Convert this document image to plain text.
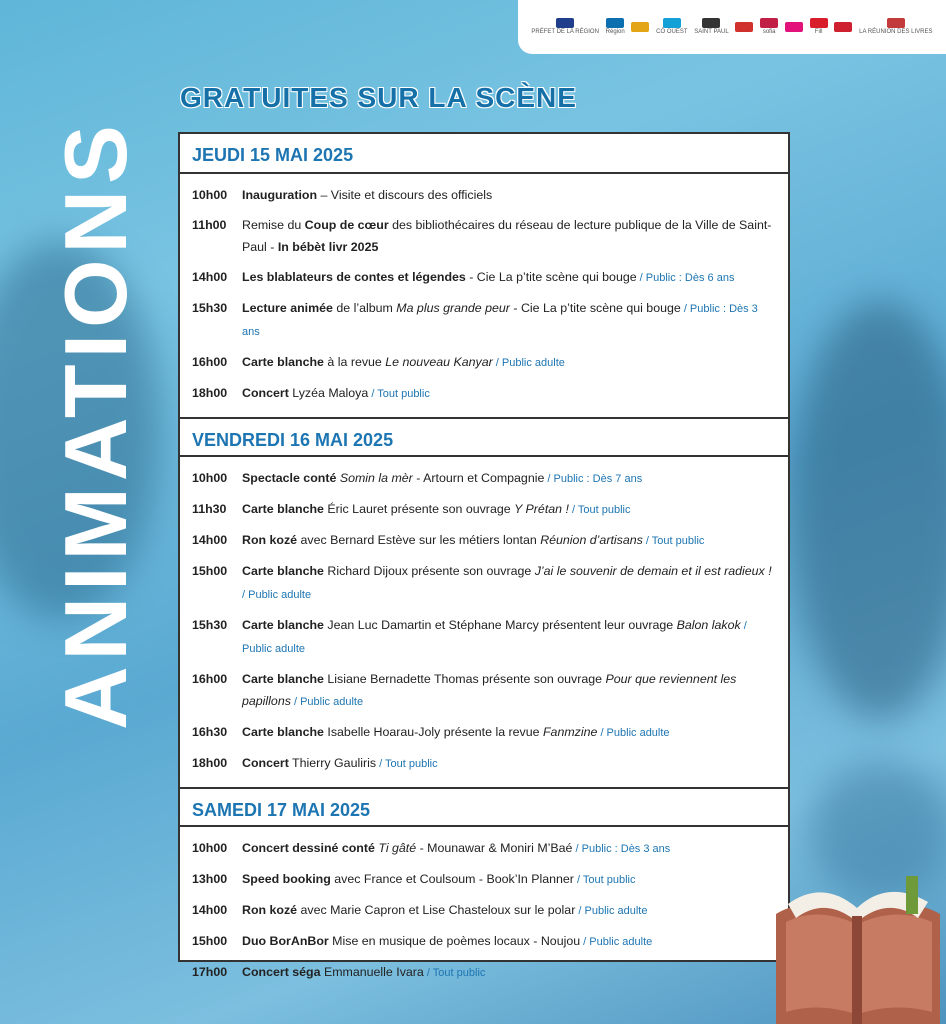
PRÉFET DE LA RÉGION Région	CÔ OUEST SAINT PAUL	sofia	Fill	LA RÉUNION DES LIVRES
ANIMATIONS
GRATUITES SUR LA SCÈNE
JEUDI 15 MAI 2025
10h00	Inauguration – Visite et discours des officiels
11h00	Remise du Coup de cœur des bibliothécaires du réseau de lecture publique de la Ville de Saint-Paul - In bébèt livr 2025
14h00	Les blablateurs de contes et légendes - Cie La p’tite scène qui bouge / Public : Dès 6 ans
15h30	Lecture animée de l’album Ma plus grande peur - Cie La p’tite scène qui bouge / Public : Dès 3 ans
16h00	Carte blanche à la revue Le nouveau Kanyar / Public adulte
18h00	Concert Lyzéa Maloya / Tout public
VENDREDI 16 MAI 2025
10h00	Spectacle conté Somin la mèr - Artourn et Compagnie / Public : Dès 7 ans
11h30	Carte blanche Éric Lauret présente son ouvrage Y Prétan ! / Tout public
14h00	Ron kozé avec Bernard Estève sur les métiers lontan Réunion d’artisans / Tout public
15h00	Carte blanche Richard Dijoux présente son ouvrage J’ai le souvenir de demain et il est radieux ! / Public adulte
15h30	Carte blanche Jean Luc Damartin et Stéphane Marcy présentent leur ouvrage Balon lakok / Public adulte
16h00	Carte blanche Lisiane Bernadette Thomas présente son ouvrage Pour que reviennent les papillons / Public adulte
16h30	Carte blanche Isabelle Hoarau-Joly présente la revue Fanmzine / Public adulte
18h00	Concert Thierry Gauliris / Tout public
SAMEDI 17 MAI 2025
10h00	Concert dessiné conté Ti gâté - Mounawar & Moniri M’Baé / Public : Dès 3 ans
13h00	Speed booking avec France et Coulsoum - Book’In Planner / Tout public
14h00	Ron kozé avec Marie Capron et Lise Chasteloux sur le polar / Public adulte
15h00	Duo BorAnBor Mise en musique de poèmes locaux - Noujou / Public adulte
17h00	Concert séga Emmanuelle Ivara / Tout public
